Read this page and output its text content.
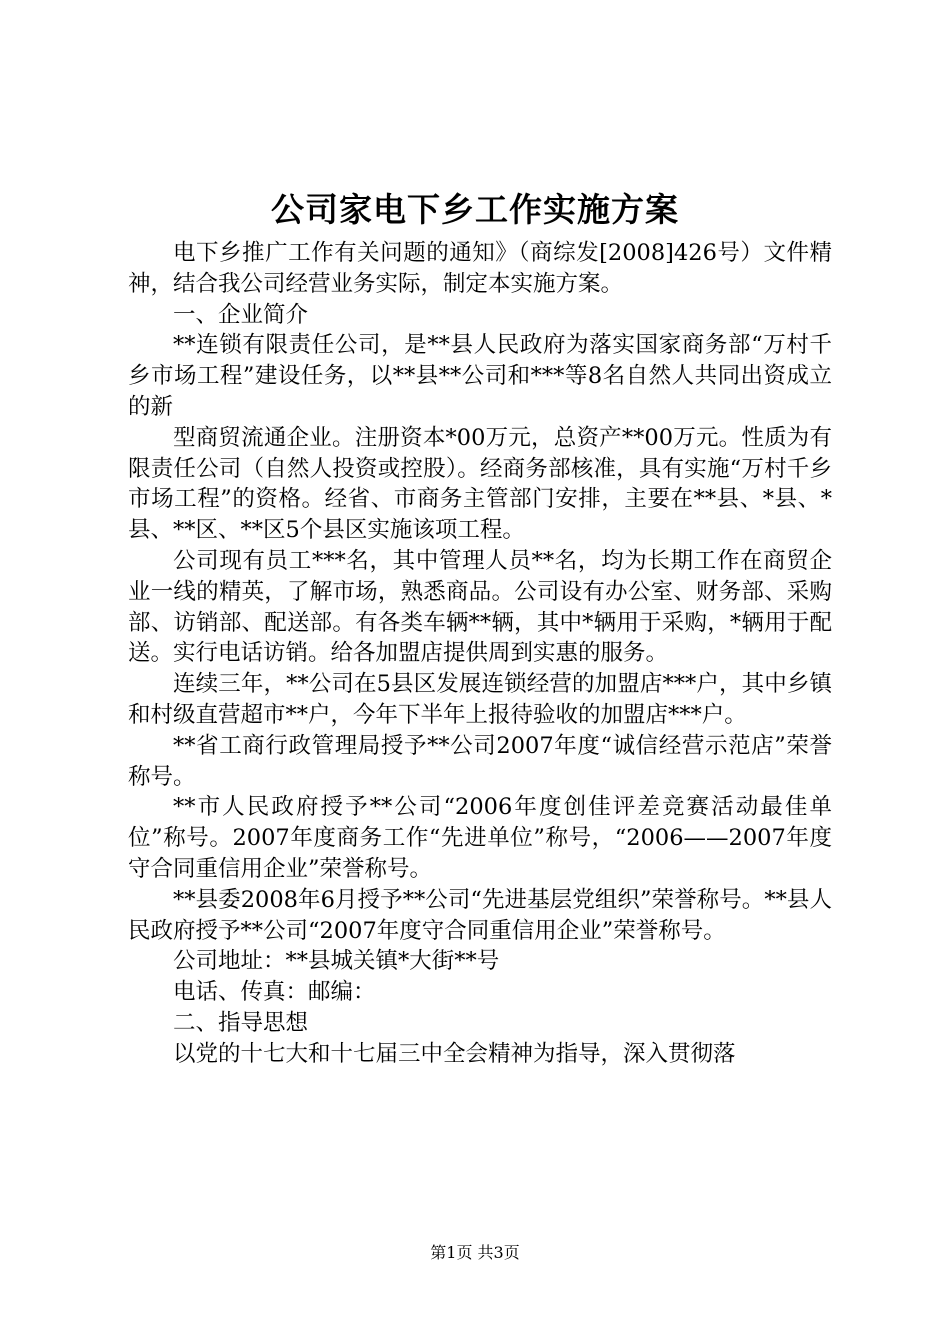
公司家电下乡工作实施方案

电下乡推广工作有关问题的通知》（商综发[2008]426号）文件精神，结合我公司经营业务实际，制定本实施方案。

一、企业简介

**连锁有限责任公司，是**县人民政府为落实国家商务部“万村千乡市场工程”建设任务，以**县**公司和***等8名自然人共同出资成立的新

型商贸流通企业。注册资本*00万元，总资产**00万元。性质为有限责任公司（自然人投资或控股）。经商务部核准，具有实施“万村千乡市场工程”的资格。经省、市商务主管部门安排，主要在**县、*县、*县、**区、**区5个县区实施该项工程。

公司现有员工***名，其中管理人员**名，均为长期工作在商贸企业一线的精英，了解市场，熟悉商品。公司设有办公室、财务部、采购部、访销部、配送部。有各类车辆**辆，其中*辆用于采购，*辆用于配送。实行电话访销。给各加盟店提供周到实惠的服务。

连续三年，**公司在5县区发展连锁经营的加盟店***户，其中乡镇和村级直营超市**户，今年下半年上报待验收的加盟店***户。

**省工商行政管理局授予**公司2007年度“诚信经营示范店”荣誉称号。

**市人民政府授予**公司“2006年度创佳评差竞赛活动最佳单位”称号。2007年度商务工作“先进单位”称号，“2006——2007年度守合同重信用企业”荣誉称号。

**县委2008年6月授予**公司“先进基层党组织”荣誉称号。**县人民政府授予**公司“2007年度守合同重信用企业”荣誉称号。

公司地址：**县城关镇*大街**号

电话、传真：邮编：

二、指导思想

以党的十七大和十七届三中全会精神为指导，深入贯彻落

第1页 共3页
